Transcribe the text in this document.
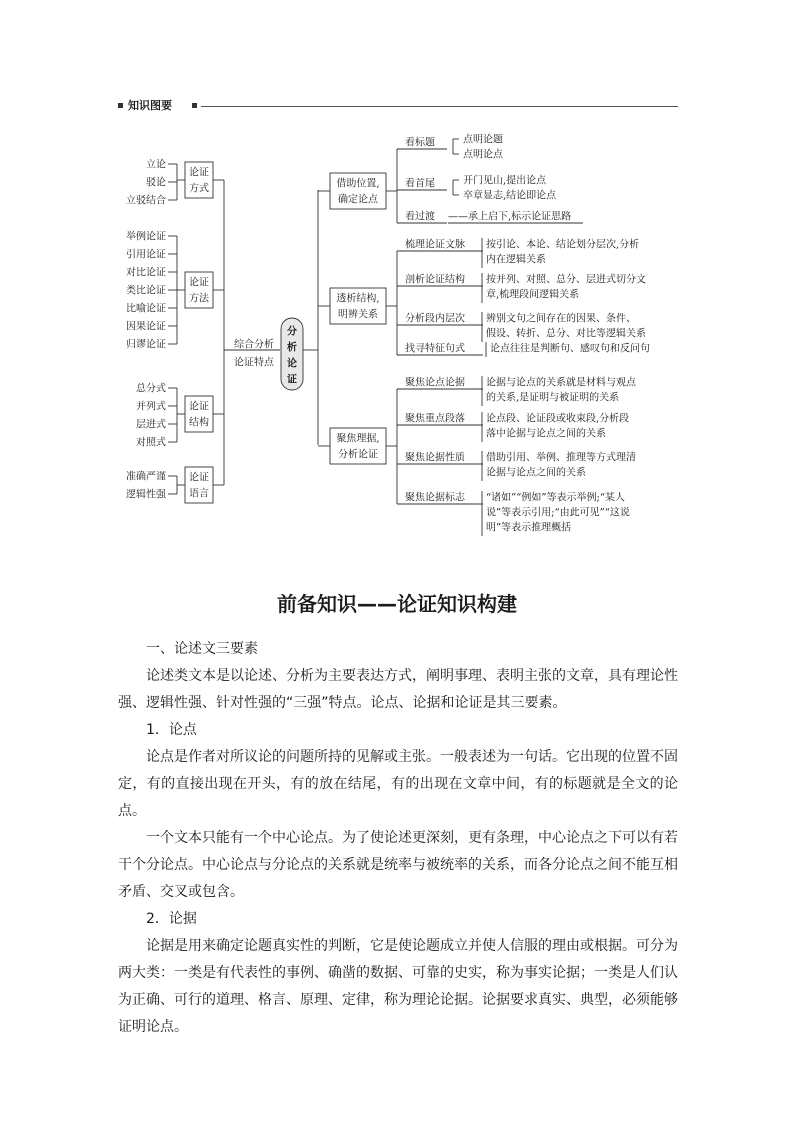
知识图要
立论
驳论
立驳结合
论证
方式
举例论证
引用论证
对比论证
类比论证
比喻论证
因果论证
归谬论证
论证
方法
总分式
并列式
层进式
对照式
论证
结构
准确严谨
逻辑性强
论证
语言
综合分析
论证特点
分
析
论
证
借助位置,
确定论点
看标题	点明论题
点明论点
看首尾	开门见山,提出论点
卒章显志,结论即论点
看过渡 ——承上启下,标示论证思路
透析结构,
明辨关系
梳理论证文脉 按引论、本论、结论划分层次,分析
内在逻辑关系
剖析论证结构 按并列、对照、总分、层进式切分文
章,梳理段间逻辑关系
分析段内层次 辨别文句之间存在的因果、条件、
假设、转折、总分、对比等逻辑关系
找寻特征句式	论点往往是判断句、感叹句和反问句
聚焦理据,
分析论证
聚焦论点论据 论据与论点的关系就是材料与观点
的关系,是证明与被证明的关系
聚焦重点段落 论点段、论证段或收束段,分析段
落中论据与论点之间的关系
聚焦论据性质 借助引用、举例、推理等方式理清
论据与论点之间的关系
聚焦论据标志 “诸如”“例如”等表示举例;“某人
说”等表示引用;“由此可见”“这说
明”等表示推理概括
前备知识——论证知识构建

一、论述文三要素

论述类文本是以论述、分析为主要表达方式，阐明事理、表明主张的文章，具有理论性强、逻辑性强、针对性强的“三强”特点。论点、论据和论证是其三要素。

1．论点

论点是作者对所议论的问题所持的见解或主张。一般表述为一句话。它出现的位置不固定，有的直接出现在开头，有的放在结尾，有的出现在文章中间，有的标题就是全文的论点。

一个文本只能有一个中心论点。为了使论述更深刻，更有条理，中心论点之下可以有若干个分论点。中心论点与分论点的关系就是统率与被统率的关系，而各分论点之间不能互相矛盾、交叉或包含。

2．论据

论据是用来确定论题真实性的判断，它是使论题成立并使人信服的理由或根据。可分为两大类：一类是有代表性的事例、确凿的数据、可靠的史实，称为事实论据；一类是人们认为正确、可行的道理、格言、原理、定律，称为理论论据。论据要求真实、典型，必须能够证明论点。
